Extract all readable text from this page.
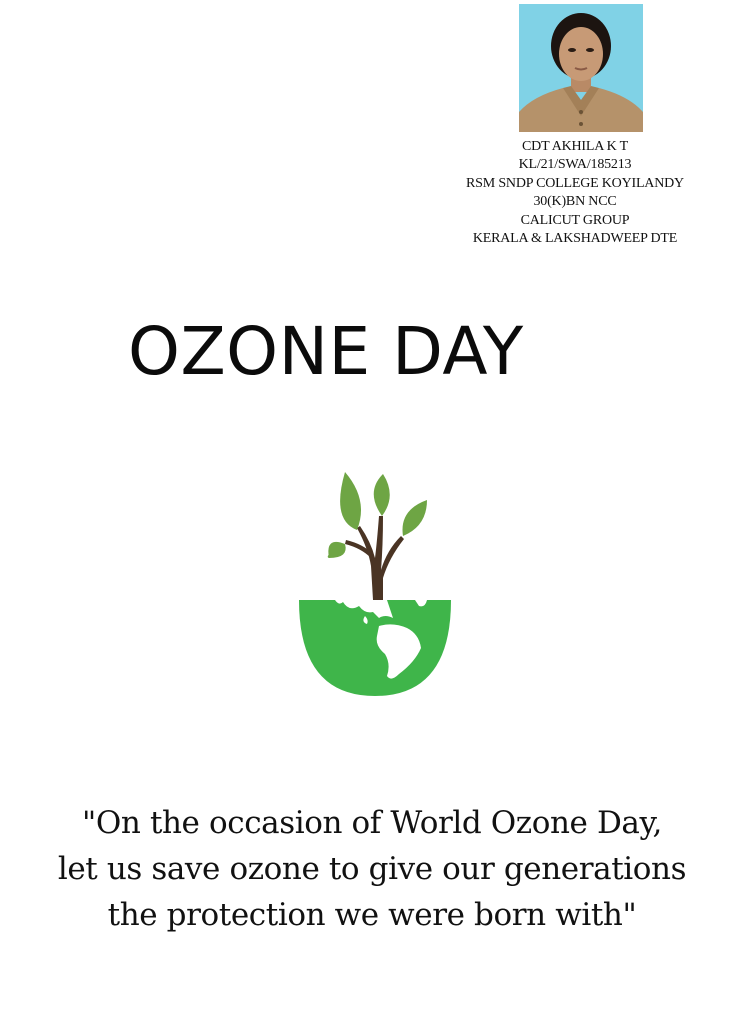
CDT AKHILA K T
KL/21/SWA/185213
RSM SNDP COLLEGE KOYILANDY
30(K)BN NCC
CALICUT GROUP
KERALA & LAKSHADWEEP DTE
OZONE DAY
"On the occasion of World Ozone Day,
let us save ozone to give our generations
the protection we were born with"
